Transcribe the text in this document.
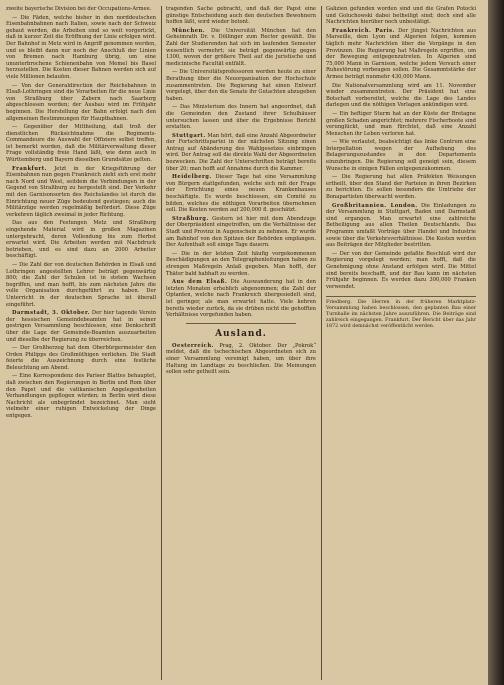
zweite bayerische Division bei der Occupations-Armee.

— Die Fäden, welche bisher in den norddeutschen Eisenbahnbahnen nach Italien, sowie nach der Schweiz gebaut werden, die Arbeiten sind so weit vorgerückt, daß in kurzer Zeit die Eröffnung der Linie erfolgen wird. Der Bahnhof in Metz wird in Angriff genommen werden, und es bleibt dann nur noch der Anschluß der Linien von Bremen nach Hamburg übrig, um eine ununterbrochene Schienenbahn von Memel bis Basel herzustellen. Die Kosten dieser Bahnen werden sich auf viele Millionen belaufen.

— Von der Generaldirection der Reichsbahnen in Elsaß-Lothringen sind die Vorarbeiten für die neue Linie von Straßburg über Zabern nach Saarburg abgeschlossen worden; der Ausbau wird im Frühjahr beginnen. Die Herstellung der Bahn erfolgt nach den allgemeinen Bestimmungen für Hauptbahnen.

— Gegenüber der Mittheilung, daß troß der dienstlichen Rücksichtnahme die Regiments-Commandeure die Auswahl der Offiziere selbst treffen, ist bemerkt worden, daß die Militärverwaltung dieser Frage vollständig freie Hand läßt, wie denn auch in Württemberg und Bayern dieselben Grundsätze gelten.

Frankfurt. Jetzt in der Kriegsführung der Eisenbahnen nun gegen Frankreich zieht sich erst mehr nach Nord und West, seitdem die Verbindungen in der Gegend von Straßburg zu hergestellt sind. Der Verkehr mit den Garnisonsorten des Reichslandes ist durch die Einrichtung neuer Züge bedeutend gestiegen; auch die Militärzüge werden regelmäßig befördert. Diese Züge verkehren täglich zweimal in jeder Richtung.

Das aus den Festungen Metz und Straßburg eingehende Material wird in großen Magazinen untergebracht, deren Vollendung bis zum Herbst erwartet wird. Die Arbeiten werden mit Nachdruck betrieben, und es sind dazu an 2000 Arbeiter beschäftigt.

— Die Zahl der von deutschen Behörden in Elsaß und Lothringen angestellten Lehrer beträgt gegenwärtig 800; die Zahl der Schulen ist in stetem Wachsen begriffen, und man hofft, bis zum nächsten Jahre die volle Organisation durchgeführt zu haben. Der Unterricht in der deutschen Sprache ist überall eingeführt.

Darmstadt, 3. Oktober. Der hier tagende Verein der hessischen Gemeindebeamten hat in seiner gestrigen Versammlung beschlossen, eine Denkschrift über die Lage der Gemeinde-Beamten auszuarbeiten und dieselbe der Regierung zu überreichen.

— Der Großherzog hat dem Oberbürgermeister den Orden Philipps des Großmüthigen verliehen. Die Stadt feierte die Auszeichnung durch eine festliche Beleuchtung am Abend.

— Eine Korrespondenz des Pariser Blattes behauptet, daß zwischen den Regierungen in Berlin und Rom über den Papst und die vatikanischen Angelegenheiten Verhandlungen gepflogen würden; in Berlin wird diese Nachricht als unbegründet bezeichnet. Man sieht vielmehr einer ruhigen Entwickelung der Dinge entgegen.

tragenden Sache gebracht, und daß der Papst eine günstige Entscheidung auch den deutschen Bewohnern hoffen läßt, wird wieder betont.

München. Die Universität München hat den Geheimrath Dr. v. Döllinger zum Rector gewählt. Die Zahl der Studierenden hat sich im laufenden Semester wesentlich vermehrt; sie beträgt gegenwärtig gegen 1300, wovon der größere Theil auf die juristische und medicinische Facultät entfällt.

— Die Universitätsprofessoren werden heute zu einer Berathung über die Neuorganisation der Hochschule zusammentreten. Die Regierung hat einen Entwurf vorgelegt, über den die Senate ihr Gutachten abzugeben haben.

— Das Ministerium des Innern hat angeordnet, daß die Gemeinden den Zustand ihrer Schulhäuser untersuchen lassen und über die Ergebnisse Bericht erstatten.

Stuttgart. Man hört, daß eine Anzahl Abgeordneter der Fortschrittspartei in der nächsten Sitzung einen Antrag auf Abänderung des Wahlgesetzes einbringen wird. Der Antrag soll die direkte Wahl der Abgeordneten bezwecken. Die Zahl der Unterschriften beträgt bereits über 20; man hofft auf Annahme durch die Kammer.

Heidelberg. Dieser Tage hat eine Versammlung von Bürgern stattgefunden, welche sich mit der Frage der Errichtung eines neuen Krankenhauses beschäftigte. Es wurde beschlossen, ein Comité zu bilden, welches die nöthigen Vorarbeiten übernehmen soll. Die Kosten werden auf 200,000 fl. geschätzt.

Straßburg. Gestern ist hier mit dem Abendzuge der Oberpräsident eingetroffen, um die Verhältnisse der Stadt und Provinz in Augenschein zu nehmen. Er wurde am Bahnhof von den Spitzen der Behörden empfangen. Der Aufenthalt soll einige Tage dauern.

— Die in der letzten Zeit häufig vorgekommenen Beschädigungen an den Telegraphenleitungen haben zu strengen Maßregeln Anlaß gegeben. Man hofft, der Thäter bald habhaft zu werden.

Aus dem Elsaß. Die Auswanderung hat in den letzten Monaten erheblich abgenommen; die Zahl der Optanten, welche nach Frankreich übergesiedelt sind, ist geringer, als man erwartet hatte. Viele kehren bereits wieder zurück, da sie drüben nicht die gehofften Verhältnisse vorgefunden haben.

Ausland.

Oesterreich. Prag, 2. Oktober. Der „Pokrok“ meldet, daß die tschechischen Abgeordneten sich zu einer Versammlung vereinigt haben, um über ihre Haltung im Landtage zu beschließen. Die Meinungen sollen sehr getheilt sein.

Galizien gefunden worden sind und die Grafen Potocki und Goluchowski dabei betheiligt sind; doch sind alle Nachrichten hierüber noch unbestätigt.

Frankreich. Paris. Der jüngst Nachrichten aus Marseille, dem Lyon und Algerien folgen, kommen täglich mehr Nachrichten über die Vorgänge in den Provinzen. Die Regierung hat Maßregeln ergriffen, um der Bewegung entgegenzutreten. In Algerien sind 75,000 Mann in Garnison, welche jedem Versuch einer Ruhestörung vorbeugen sollen. Die Gesammtstärke der Armee beträgt nunmehr 430,000 Mann.

Die Nationalversammlung wird am 11. November wieder zusammentreten. Der Präsident hat eine Botschaft vorbereitet, welche die Lage des Landes darlegen und die nöthigen Vorlagen ankündigen wird.

— Ein heftiger Sturm hat an der Küste der Bretagne großen Schaden angerichtet; mehrere Fischerboote sind verunglückt, und man fürchtet, daß eine Anzahl Menschen ihr Leben verloren hat.

— Wie verlautet, beabsichtigt das linke Centrum eine Interpellation wegen der Aufhebung des Belagerungszustandes in den Departements einzubringen. Die Regierung soll geneigt sein, diesem Wunsche in einigen Fällen entgegenzukommen.

— Die Regierung hat allen Präfekten Weisungen ertheilt, über den Stand der Parteien in ihren Bezirken zu berichten. Es sollen besonders die Umtriebe der Bonapartisten überwacht werden.

Großbritannien. London. Die Einladungen zu der Versammlung in Stuttgart, Baden und Darmstadt sind ergangen. Man erwartet eine zahlreiche Betheiligung aus allen Theilen Deutschlands. Das Programm umfaßt Vorträge über Handel und Industrie sowie über die Verkehrsverhältnisse. Die Kosten werden aus Beiträgen der Mitglieder bestritten.

— Der von der Gemeinde gefaßte Beschluß wird der Regierung vorgelegt werden; man hofft, daß die Genehmigung ohne Anstand erfolgen wird. Die Mittel sind bereits beschafft, und der Bau kann im nächsten Frühjahr beginnen. Es werden dazu 300,000 Franken verwendet.

Friedberg. Die Herren in der früheren Marktplatz-Versammlung haben beschlossen, den geplanten Bau einer Turnhalle im nächsten Jahre auszuführen. Die Beiträge sind zahlreich eingegangen. Frankfurt. Der Bericht über das Jahr 1872 wird demnächst veröffentlicht werden.
